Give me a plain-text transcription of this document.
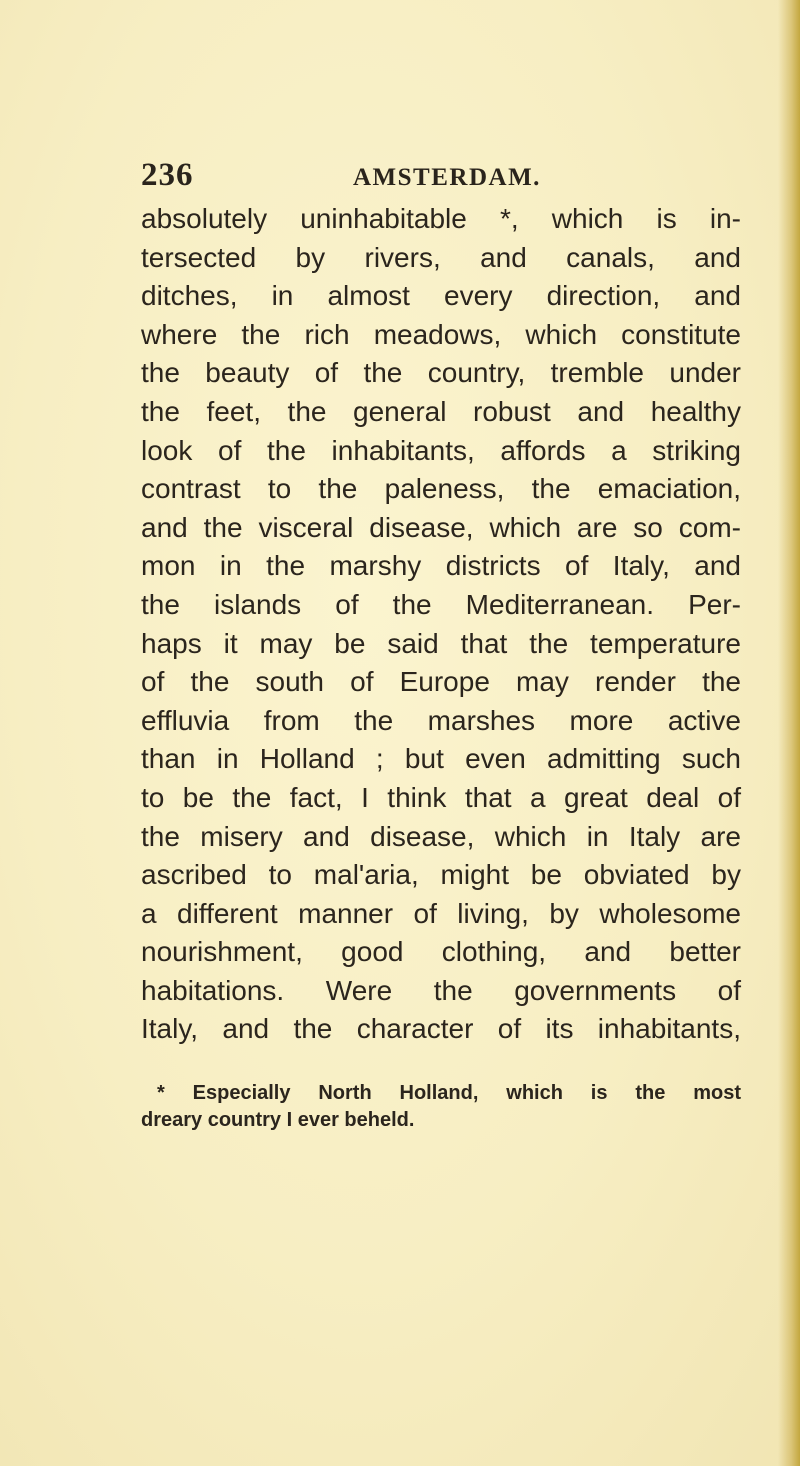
236	AMSTERDAM.
absolutely uninhabitable *, which is in-
tersected by rivers, and canals, and
ditches, in almost every direction, and
where the rich meadows, which constitute
the beauty of the country, tremble under
the feet, the general robust and healthy
look of the inhabitants, affords a striking
contrast to the paleness, the emaciation,
and the visceral disease, which are so com-
mon in the marshy districts of Italy, and
the islands of the Mediterranean. Per-
haps it may be said that the temperature
of the south of Europe may render the
effluvia from the marshes more active
than in Holland ; but even admitting such
to be the fact, I think that a great deal of
the misery and disease, which in Italy are
ascribed to mal'aria, might be obviated by
a different manner of living, by wholesome
nourishment, good clothing, and better
habitations. Were the governments of
Italy, and the character of its inhabitants,
* Especially North Holland, which is the most
dreary country I ever beheld.
